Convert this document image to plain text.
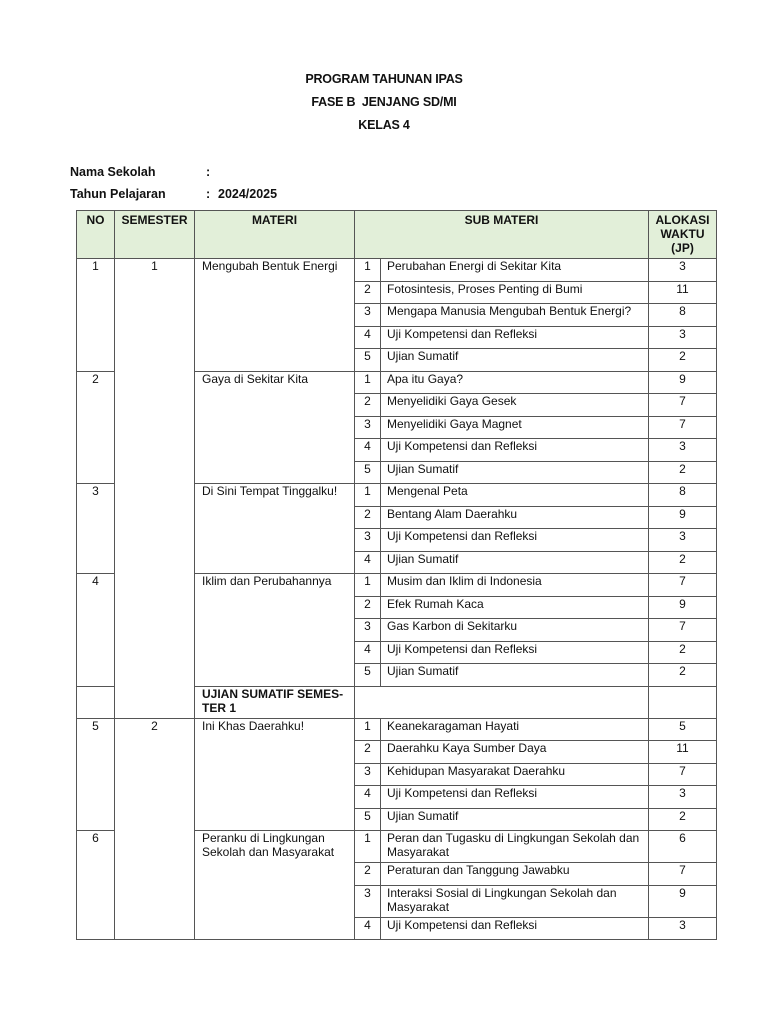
PROGRAM TAHUNAN IPAS
FASE B  JENJANG SD/MI
KELAS 4
Nama Sekolah	:
Tahun Pelajaran	: 2024/2025
NO	SEMESTER	MATERI	SUB MATERI		ALOKASI WAKTU (JP)
1	1	Mengubah Bentuk Energi	1	Perubahan Energi di Sekitar Kita	3
			2	Fotosintesis, Proses Penting di Bumi	11
			3	Mengapa Manusia Mengubah Bentuk Energi?	8
			4	Uji Kompetensi dan Refleksi	3
			5	Ujian Sumatif	2
2		Gaya di Sekitar Kita	1	Apa itu Gaya?	9
			2	Menyelidiki Gaya Gesek	7
			3	Menyelidiki Gaya Magnet	7
			4	Uji Kompetensi dan Refleksi	3
			5	Ujian Sumatif	2
3		Di Sini Tempat Tinggalku!	1	Mengenal Peta	8
			2	Bentang Alam Daerahku	9
			3	Uji Kompetensi dan Refleksi	3
			4	Ujian Sumatif	2
4		Iklim dan Perubahannya	1	Musim dan Iklim di Indonesia	7
			2	Efek Rumah Kaca	9
			3	Gas Karbon di Sekitarku	7
			4	Uji Kompetensi dan Refleksi	2
			5	Ujian Sumatif	2
		UJIAN SUMATIF SEMES-TER 1			
5	2	Ini Khas Daerahku!	1	Keanekaragaman Hayati	5
			2	Daerahku Kaya Sumber Daya	11
			3	Kehidupan Masyarakat Daerahku	7
			4	Uji Kompetensi dan Refleksi	3
			5	Ujian Sumatif	2
6		Peranku di Lingkungan Sekolah dan Masyarakat	1	Peran dan Tugasku di Lingkungan Sekolah dan Masyarakat	6
			2	Peraturan dan Tanggung Jawabku	7
			3	Interaksi Sosial di Lingkungan Sekolah dan Masyarakat	9
			4	Uji Kompetensi dan Refleksi	3
